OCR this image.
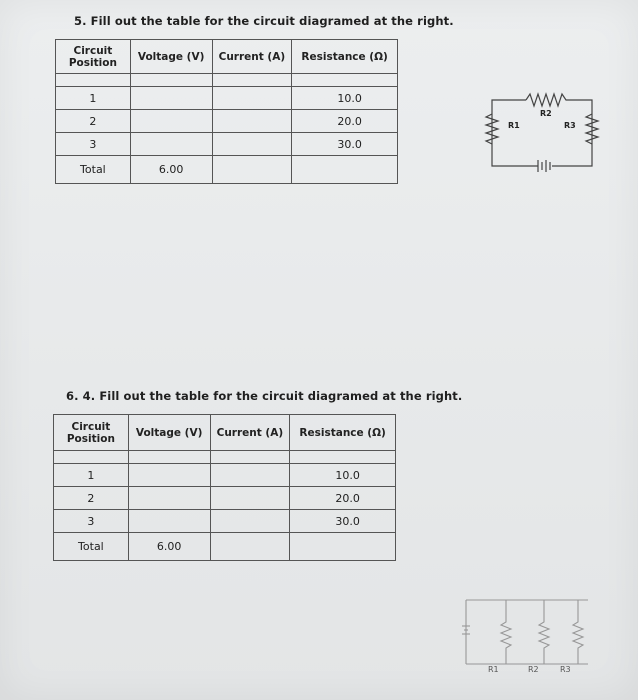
5. Fill out the table for the circuit diagramed at the right.
Circuit Position	Voltage (V)	Current (A)	Resistance (Ω)

1			10.0
2			20.0
3			30.0
Total	6.00		
R2
R1	R3
6. 4. Fill out the table for the circuit diagramed at the right.
Circuit Position	Voltage (V)	Current (A)	Resistance (Ω)

1			10.0
2			20.0
3			30.0
Total	6.00		
R1	R2	R3
